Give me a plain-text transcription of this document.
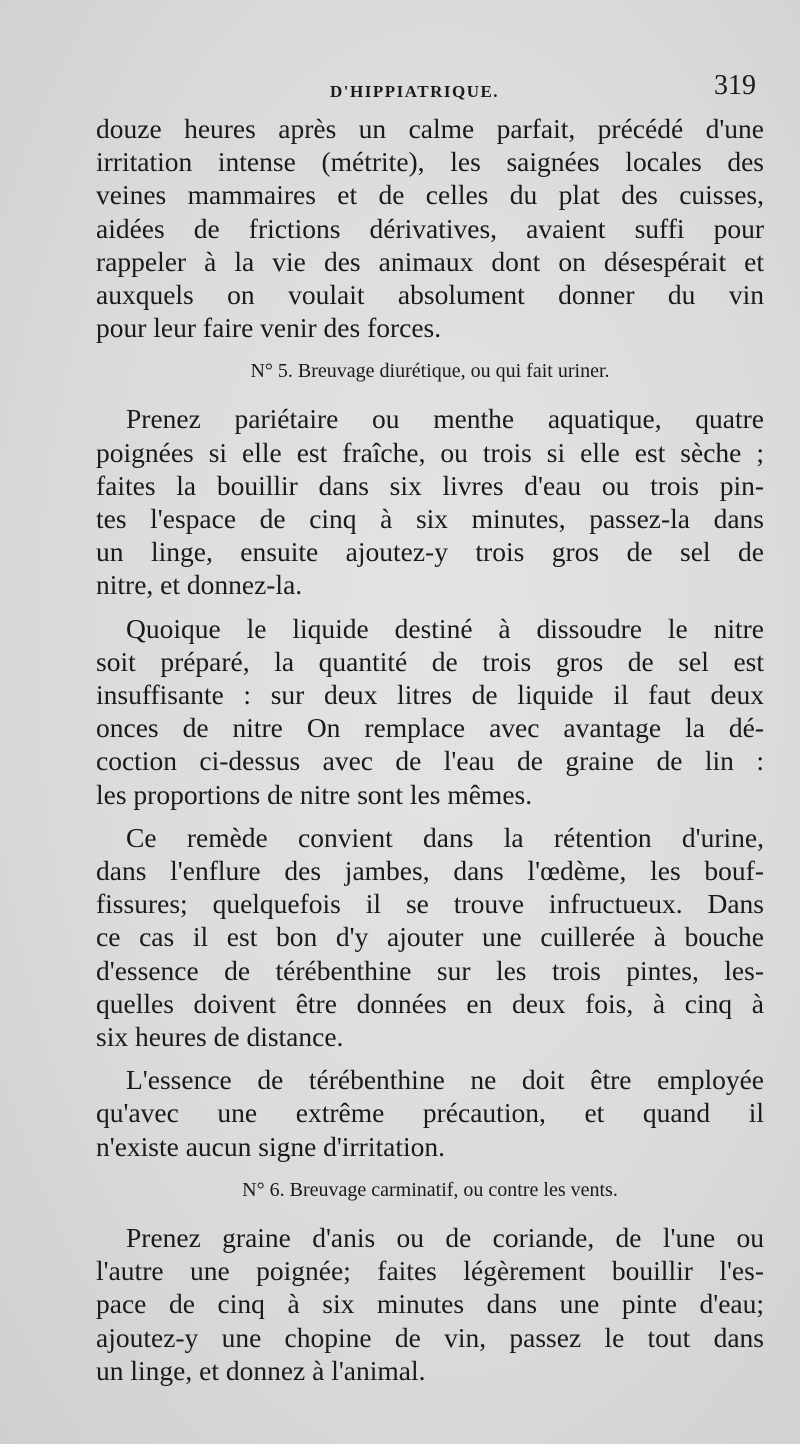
D'HIPPIATRIQUE.	319
douze heures après un calme parfait, précédé d'une
irritation intense (métrite), les saignées locales des
veines mammaires et de celles du plat des cuisses,
aidées de frictions dérivatives, avaient suffi pour
rappeler à la vie des animaux dont on désespérait et
auxquels on voulait absolument donner du vin
pour leur faire venir des forces.
N° 5. Breuvage diurétique, ou qui fait uriner.
Prenez pariétaire ou menthe aquatique, quatre
poignées si elle est fraîche, ou trois si elle est sèche ;
faites la bouillir dans six livres d'eau ou trois pin-
tes l'espace de cinq à six minutes, passez-la dans
un linge, ensuite ajoutez-y trois gros de sel de
nitre, et donnez-la.
Quoique le liquide destiné à dissoudre le nitre
soit préparé, la quantité de trois gros de sel est
insuffisante : sur deux litres de liquide il faut deux
onces de nitre On remplace avec avantage la dé-
coction ci-dessus avec de l'eau de graine de lin :
les proportions de nitre sont les mêmes.
Ce remède convient dans la rétention d'urine,
dans l'enflure des jambes, dans l'œdème, les bouf-
fissures; quelquefois il se trouve infructueux. Dans
ce cas il est bon d'y ajouter une cuillerée à bouche
d'essence de térébenthine sur les trois pintes, les-
quelles doivent être données en deux fois, à cinq à
six heures de distance.
L'essence de térébenthine ne doit être employée
qu'avec une extrême précaution, et quand il
n'existe aucun signe d'irritation.
N° 6. Breuvage carminatif, ou contre les vents.
Prenez graine d'anis ou de coriande, de l'une ou
l'autre une poignée; faites légèrement bouillir l'es-
pace de cinq à six minutes dans une pinte d'eau;
ajoutez-y une chopine de vin, passez le tout dans
un linge, et donnez à l'animal.
